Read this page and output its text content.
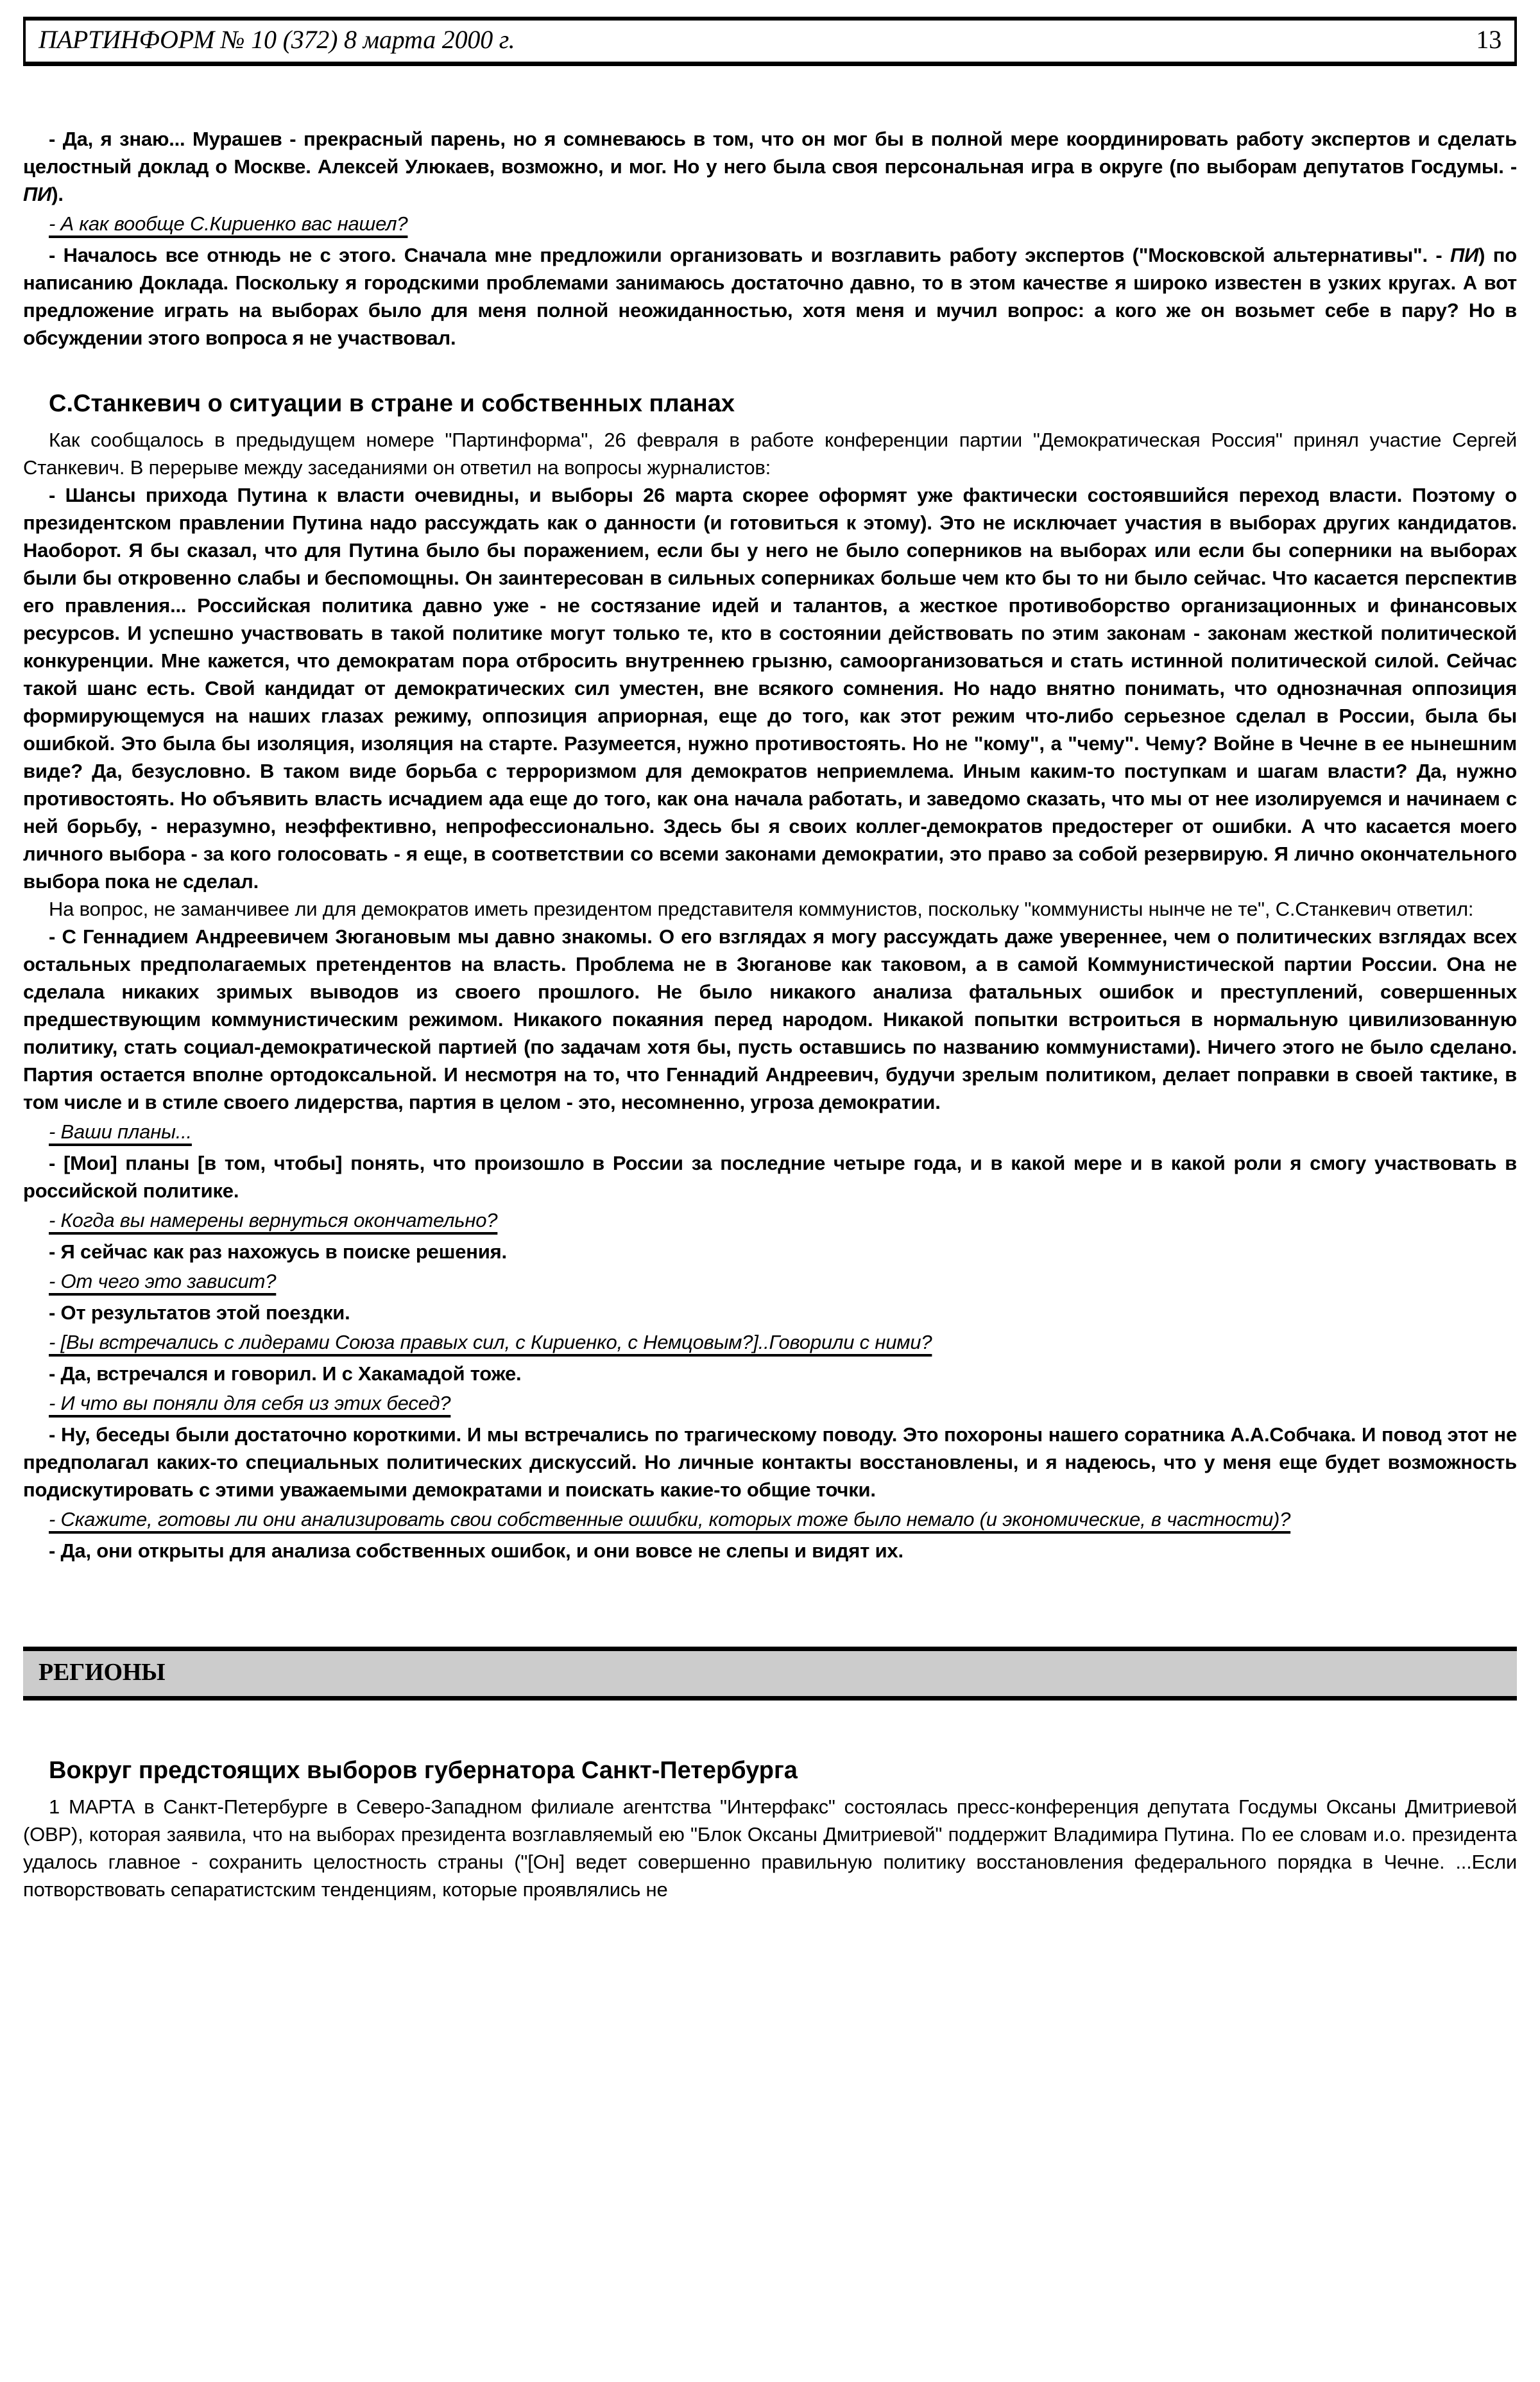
ПАРТИНФОРМ № 10 (372) 8 марта 2000 г.	13

- Да, я знаю... Мурашев - прекрасный парень, но я сомневаюсь в том, что он мог бы в полной мере координировать работу экспертов и сделать целостный доклад о Москве. Алексей Улюкаев, возможно, и мог. Но у него была своя персональная игра в округе (по выборам депутатов Госдумы. - ПИ).

- А как вообще С.Кириенко вас нашел?

- Началось все отнюдь не с этого. Сначала мне предложили организовать и возглавить работу экспертов ("Московской альтернативы". - ПИ) по написанию Доклада. Поскольку я городскими проблемами занимаюсь достаточно давно, то в этом качестве я широко известен в узких кругах. А вот предложение играть на выборах было для меня полной неожиданностью, хотя меня и мучил вопрос: а кого же он возьмет себе в пару? Но в обсуждении этого вопроса я не участвовал.

С.Станкевич о ситуации в стране и собственных планах

Как сообщалось в предыдущем номере "Партинформа", 26 февраля в работе конференции партии "Демократическая Россия" принял участие Сергей Станкевич. В перерыве между заседаниями он ответил на вопросы журналистов:

- Шансы прихода Путина к власти очевидны, и выборы 26 марта скорее оформят уже фактически состоявшийся переход власти. Поэтому о президентском правлении Путина надо рассуждать как о данности (и готовиться к этому). Это не исключает участия в выборах других кандидатов. Наоборот. Я бы сказал, что для Путина было бы поражением, если бы у него не было соперников на выборах или если бы соперники на выборах были бы откровенно слабы и беспомощны. Он заинтересован в сильных соперниках больше чем кто бы то ни было сейчас. Что касается перспектив его правления... Российская политика давно уже - не состязание идей и талантов, а жесткое противоборство организационных и финансовых ресурсов. И успешно участвовать в такой политике могут только те, кто в состоянии действовать по этим законам - законам жесткой политической конкуренции. Мне кажется, что демократам пора отбросить внутреннею грызню, самоорганизоваться и стать истинной политической силой. Сейчас такой шанс есть. Свой кандидат от демократических сил уместен, вне всякого сомнения. Но надо внятно понимать, что однозначная оппозиция формирующемуся на наших глазах режиму, оппозиция априорная, еще до того, как этот режим что-либо серьезное сделал в России, была бы ошибкой. Это была бы изоляция, изоляция на старте. Разумеется, нужно противостоять. Но не "кому", а "чему". Чему? Войне в Чечне в ее нынешним виде? Да, безусловно. В таком виде борьба с терроризмом для демократов неприемлема. Иным каким-то поступкам и шагам власти? Да, нужно противостоять. Но объявить власть исчадием ада еще до того, как она начала работать, и заведомо сказать, что мы от нее изолируемся и начинаем с ней борьбу, - неразумно, неэффективно, непрофессионально. Здесь бы я своих коллег-демократов предостерег от ошибки. А что касается моего личного выбора - за кого голосовать - я еще, в соответствии со всеми законами демократии, это право за собой резервирую. Я лично окончательного выбора пока не сделал.

На вопрос, не заманчивее ли для демократов иметь президентом представителя коммунистов, поскольку "коммунисты нынче не те", С.Станкевич ответил:

- С Геннадием Андреевичем Зюгановым мы давно знакомы. О его взглядах я могу рассуждать даже увереннее, чем о политических взглядах всех остальных предполагаемых претендентов на власть. Проблема не в Зюганове как таковом, а в самой Коммунистической партии России. Она не сделала никаких зримых выводов из своего прошлого. Не было никакого анализа фатальных ошибок и преступлений, совершенных предшествующим коммунистическим режимом. Никакого покаяния перед народом. Никакой попытки встроиться в нормальную цивилизованную политику, стать социал-демократической партией (по задачам хотя бы, пусть оставшись по названию коммунистами). Ничего этого не было сделано. Партия остается вполне ортодоксальной. И несмотря на то, что Геннадий Андреевич, будучи зрелым политиком, делает поправки в своей тактике, в том числе и в стиле своего лидерства, партия в целом - это, несомненно, угроза демократии.

- Ваши планы...

- [Мои] планы [в том, чтобы] понять, что произошло в России за последние четыре года, и в какой мере и в какой роли я смогу участвовать в российской политике.

- Когда вы намерены вернуться окончательно?

- Я сейчас как раз нахожусь в поиске решения.

- От чего это зависит?

- От результатов этой поездки.

- [Вы встречались с лидерами Союза правых сил, с Кириенко, с Немцовым?]..Говорили с ними?

- Да, встречался и говорил. И с Хакамадой тоже.

- И что вы поняли для себя из этих бесед?

- Ну, беседы были достаточно короткими. И мы встречались по трагическому поводу. Это похороны нашего соратника А.А.Собчака. И повод этот не предполагал каких-то специальных политических дискуссий. Но личные контакты восстановлены, и я надеюсь, что у меня еще будет возможность подискутировать с этими уважаемыми демократами и поискать какие-то общие точки.

- Скажите, готовы ли они анализировать свои собственные ошибки, которых тоже было немало (и экономические, в частности)?

- Да, они открыты для анализа собственных ошибок, и они вовсе не слепы и видят их.

РЕГИОНЫ
Вокруг предстоящих выборов губернатора Санкт-Петербурга

1 МАРТА в Санкт-Петербурге в Северо-Западном филиале агентства "Интерфакс" состоялась пресс-конференция депутата Госдумы Оксаны Дмитриевой (ОВР), которая заявила, что на выборах президента возглавляемый ею "Блок Оксаны Дмитриевой" поддержит Владимира Путина. По ее словам и.о. президента удалось главное - сохранить целостность страны ("[Он] ведет совершенно правильную политику восстановления федерального порядка в Чечне. ...Если потворствовать сепаратистским тенденциям, которые проявлялись не
